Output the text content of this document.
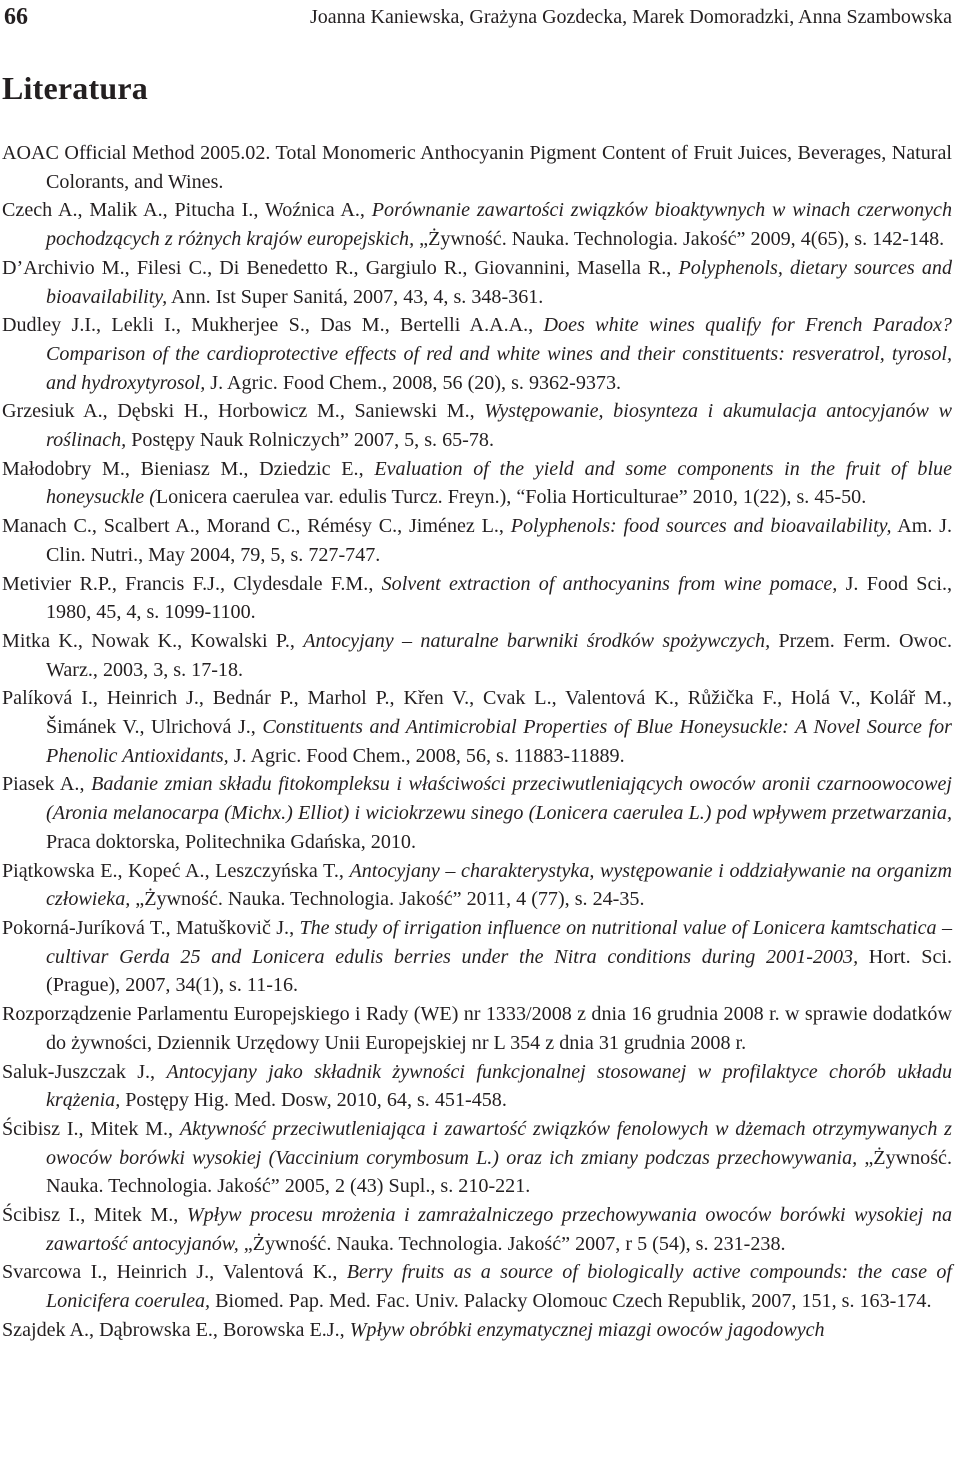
66	Joanna Kaniewska, Grażyna Gozdecka, Marek Domoradzki, Anna Szambowska
Literatura

AOAC Official Method 2005.02. Total Monomeric Anthocyanin Pigment Content of Fruit Juices, Beverages, Natural Colorants, and Wines.

Czech A., Malik A., Pitucha I., Woźnica A., Porównanie zawartości związków bioaktywnych w winach czerwonych pochodzących z różnych krajów europejskich, „Żywność. Nauka. Technologia. Jakość” 2009, 4(65), s. 142-148.

D’Archivio M., Filesi C., Di Benedetto R., Gargiulo R., Giovannini, Masella R., Polyphenols, dietary sources and bioavailability, Ann. Ist Super Sanitá, 2007, 43, 4, s. 348-361.

Dudley J.I., Lekli I., Mukherjee S., Das M., Bertelli A.A.A., Does white wines qualify for French Paradox? Comparison of the cardioprotective effects of red and white wines and their constituents: resveratrol, tyrosol, and hydroxytyrosol, J. Agric. Food Chem., 2008, 56 (20), s. 9362-9373.

Grzesiuk A., Dębski H., Horbowicz M., Saniewski M., Występowanie, biosynteza i akumulacja antocyjanów w roślinach, Postępy Nauk Rolniczych” 2007, 5, s. 65-78.

Małodobry M., Bieniasz M., Dziedzic E., Evaluation of the yield and some components in the fruit of blue honeysuckle (Lonicera caerulea var. edulis Turcz. Freyn.), “Folia Horticulturae” 2010, 1(22), s. 45-50.

Manach C., Scalbert A., Morand C., Rémésy C., Jiménez L., Polyphenols: food sources and bioavailability, Am. J. Clin. Nutri., May 2004, 79, 5, s. 727-747.

Metivier R.P., Francis F.J., Clydesdale F.M., Solvent extraction of anthocyanins from wine pomace, J. Food Sci., 1980, 45, 4, s. 1099-1100.

Mitka K., Nowak K., Kowalski P., Antocyjany – naturalne barwniki środków spożywczych, Przem. Ferm. Owoc. Warz., 2003, 3, s. 17-18.

Palíková I., Heinrich J., Bednár P., Marhol P., Křen V., Cvak L., Valentová K., Růžička F., Holá V., Kolář M., Šimánek V., Ulrichová J., Constituents and Antimicrobial Properties of Blue Honeysuckle: A Novel Source for Phenolic Antioxidants, J. Agric. Food Chem., 2008, 56, s. 11883-11889.

Piasek A., Badanie zmian składu fitokompleksu i właściwości przeciwutleniających owoców aronii czarnoowocowej (Aronia melanocarpa (Michx.) Elliot) i wiciokrzewu sinego (Lonicera caerulea L.) pod wpływem przetwarzania, Praca doktorska, Politechnika Gdańska, 2010.

Piątkowska E., Kopeć A., Leszczyńska T., Antocyjany – charakterystyka, występowanie i oddziaływanie na organizm człowieka, „Żywność. Nauka. Technologia. Jakość” 2011, 4 (77), s. 24-35.

Pokorná-Juríková T., Matuškovič J., The study of irrigation influence on nutritional value of Lonicera kamtschatica – cultivar Gerda 25 and Lonicera edulis berries under the Nitra conditions during 2001-2003, Hort. Sci. (Prague), 2007, 34(1), s. 11-16.

Rozporządzenie Parlamentu Europejskiego i Rady (WE) nr 1333/2008 z dnia 16 grudnia 2008 r. w sprawie dodatków do żywności, Dziennik Urzędowy Unii Europejskiej nr L 354 z dnia 31 grudnia 2008 r.

Saluk-Juszczak J., Antocyjany jako składnik żywności funkcjonalnej stosowanej w profilaktyce chorób układu krążenia, Postępy Hig. Med. Dosw, 2010, 64, s. 451-458.

Ścibisz I., Mitek M., Aktywność przeciwutleniająca i zawartość związków fenolowych w dżemach otrzymywanych z owoców borówki wysokiej (Vaccinium corymbosum L.) oraz ich zmiany podczas przechowywania, „Żywność. Nauka. Technologia. Jakość” 2005, 2 (43) Supl., s. 210-221.

Ścibisz I., Mitek M., Wpływ procesu mrożenia i zamrażalniczego przechowywania owoców borówki wysokiej na zawartość antocyjanów, „Żywność. Nauka. Technologia. Jakość” 2007, r 5 (54), s. 231-238.

Svarcowa I., Heinrich J., Valentová K., Berry fruits as a source of biologically active compounds: the case of Lonicifera coerulea, Biomed. Pap. Med. Fac. Univ. Palacky Olomouc Czech Republik, 2007, 151, s. 163-174.

Szajdek A., Dąbrowska E., Borowska E.J., Wpływ obróbki enzymatycznej miazgi owoców jagodowych
